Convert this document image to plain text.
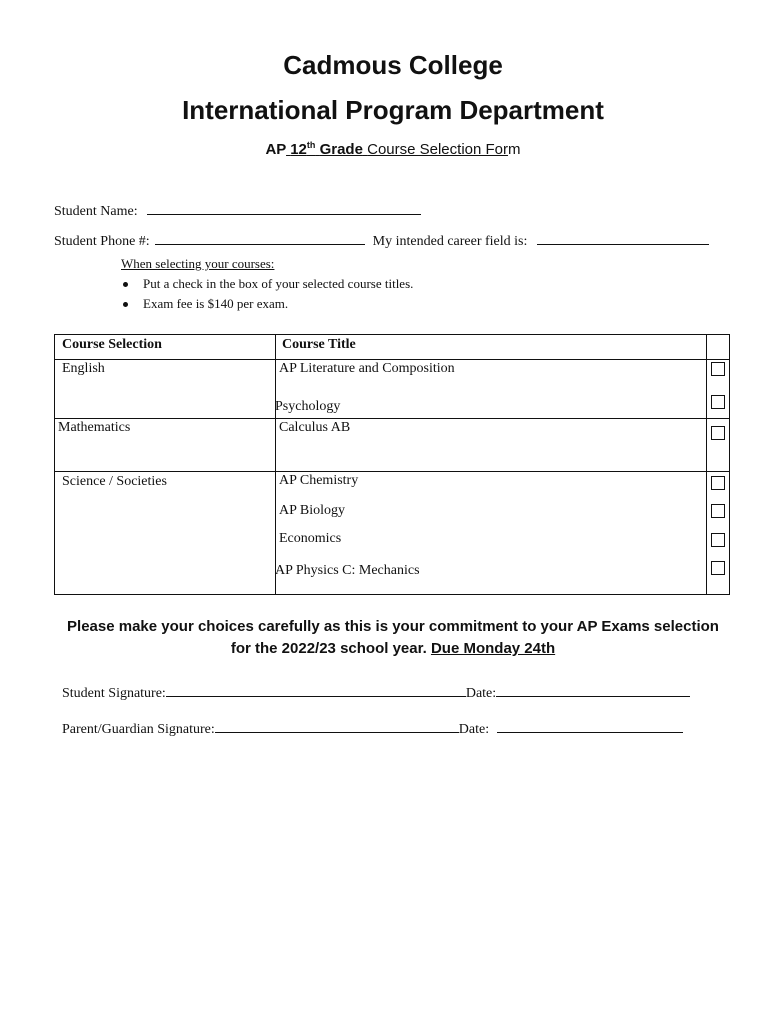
Cadmous College
International Program Department
AP 12th Grade Course Selection Form
Student Name:
Student Phone #:	My intended career field is:
When selecting your courses:
Put a check in the box of your selected course titles.
Exam fee is $140 per exam.
Course Selection	Course Title
English	AP Literature and Composition
Psychology
Mathematics	Calculus AB
Science / Societies	AP Chemistry
AP Biology
Economics
AP Physics C: Mechanics
Please make your choices carefully as this is your commitment to your AP Exams selection
for the 2022/23 school year. Due Monday 24th
Student Signature:	Date:
Parent/Guardian Signature:	Date:
